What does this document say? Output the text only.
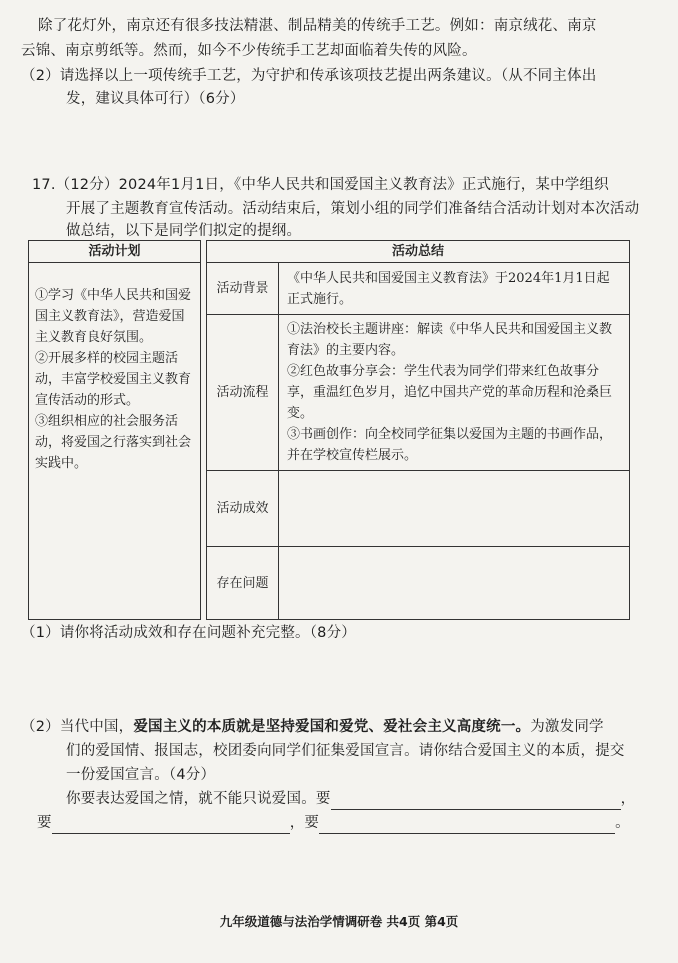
除了花灯外，南京还有很多技法精湛、制品精美的传统手工艺。例如：南京绒花、南京
云锦、南京剪纸等。然而，如今不少传统手工艺却面临着失传的风险。
（2）请选择以上一项传统手工艺，为守护和传承该项技艺提出两条建议。（从不同主体出
发，建议具体可行）（6分）
17.（12分）2024年1月1日，《中华人民共和国爱国主义教育法》正式施行，某中学组织
开展了主题教育宣传活动。活动结束后，策划小组的同学们准备结合活动计划对本次活动
做总结，以下是同学们拟定的提纲。
活动计划		活动总结	

①学习《中华人民共和国爱国主义教育法》，营造爱国主义教育良好氛围。

②开展多样的校园主题活动，丰富学校爱国主义教育宣传活动的形式。

③组织相应的社会服务活动，将爱国之行落实到社会实践中。		活动背景	《中华人民共和国爱国主义教育法》于2024年1月1日起正式施行。

		活动流程	①法治校长主题讲座：解读《中华人民共和国爱国主义教育法》的主要内容。
②红色故事分享会：学生代表为同学们带来红色故事分享，重温红色岁月，追忆中国共产党的革命历程和沧桑巨变。
③书画创作：向全校同学征集以爱国为主题的书画作品，并在学校宣传栏展示。

		活动成效	
		存在问题	
（1）请你将活动成效和存在问题补充完整。（8分）
（2）当代中国，爱国主义的本质就是坚持爱国和爱党、爱社会主义高度统一。为激发同学
们的爱国情、报国志，校团委向同学们征集爱国宣言。请你结合爱国主义的本质，提交
一份爱国宣言。（4分）
你要表达爱国之情，就不能只说爱国。要	，
要	，要	。
九年级道德与法治学情调研卷 共4页 第4页
